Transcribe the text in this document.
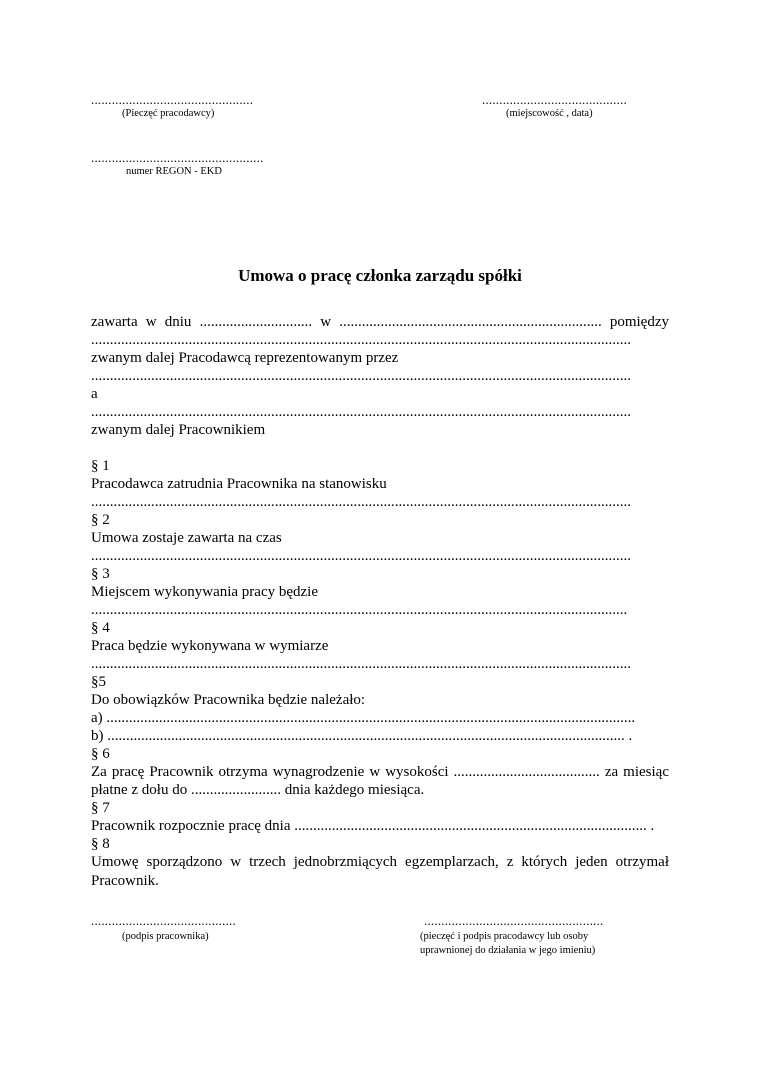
...............................................
(Pieczęć pracodawcy)
..........................................
(miejscowość , data)
..................................................
numer REGON - EKD
Umowa o pracę członka zarządu spółki
zawarta w dniu .............................. w ...................................................................... pomiędzy
................................................................................................................................................
zwanym dalej Pracodawcą reprezentowanym przez
................................................................................................................................................
a
................................................................................................................................................
zwanym dalej Pracownikiem
§ 1
Pracodawca zatrudnia Pracownika na stanowisku
................................................................................................................................................
§ 2
Umowa zostaje zawarta na czas
................................................................................................................................................
§ 3
Miejscem wykonywania pracy będzie
...............................................................................................................................................
§ 4
Praca będzie wykonywana w wymiarze
................................................................................................................................................
§5
Do obowiązków Pracownika będzie należało:
a) .............................................................................................................................................
b) .......................................................................................................................................... .
§ 6
Za pracę Pracownik otrzyma wynagrodzenie w wysokości ....................................... za miesiąc
płatne z dołu do ........................ dnia każdego miesiąca.
§ 7
Pracownik rozpocznie pracę dnia .............................................................................................. .
§ 8
Umowę sporządzono w trzech jednobrzmiących egzemplarzach, z których jeden otrzymał Pracownik.
..........................................
(podpis pracownika)
....................................................
(pieczęć i podpis pracodawcy lub osoby
uprawnionej do działania w jego imieniu)
